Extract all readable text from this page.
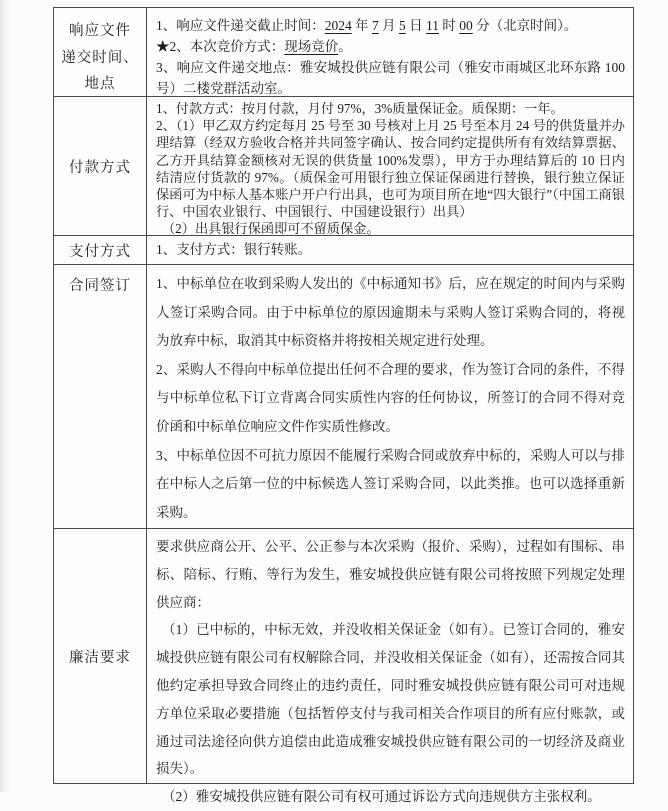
响应文件
递交时间、
地点

1、响应文件递交截止时间：2024 年 7 月 5 日 11 时 00 分（北京时间）。

★2、本次竞价方式：现场竞价。

3、响应文件递交地点：雅安城投供应链有限公司（雅安市雨城区北环东路 100号）二楼党群活动室。

付款方式

1、付款方式：按月付款，月付 97%，3%质量保证金。质保期：一年。

2、（1）甲乙双方约定每月 25 号至 30 号核对上月 25 号至本月 24 号的供货量并办理结算（经双方验收合格并共同签字确认、按合同约定提供所有有效结算票据、乙方开具结算金额核对无误的供货量 100%发票），甲方于办理结算后的 10 日内结清应付货款的 97%。（质保金可用银行独立保证保函进行替换，银行独立保证保函可为中标人基本账户开户行出具，也可为项目所在地“四大银行”（中国工商银行、中国农业银行、中国银行、中国建设银行）出具）

（2）出具银行保函即可不留质保金。

支付方式 1、支付方式：银行转账。

合同签订 1、中标单位在收到采购人发出的《中标通知书》后，应在规定的时间内与采购人签订采购合同。由于中标单位的原因逾期未与采购人签订采购合同的，将视为放弃中标，取消其中标资格并将按相关规定进行处理。

2、采购人不得向中标单位提出任何不合理的要求，作为签订合同的条件，不得与中标单位私下订立背离合同实质性内容的任何协议，所签订的合同不得对竞价函和中标单位响应文件作实质性修改。

3、中标单位因不可抗力原因不能履行采购合同或放弃中标的，采购人可以与排在中标人之后第一位的中标候选人签订采购合同，以此类推。也可以选择重新采购。

廉洁要求

要求供应商公开、公平、公正参与本次采购（报价、采购），过程如有围标、串标、陪标、行贿、等行为发生，雅安城投供应链有限公司将按照下列规定处理供应商：

（1）已中标的，中标无效，并没收相关保证金（如有）。已签订合同的，雅安城投供应链有限公司有权解除合同，并没收相关保证金（如有），还需按合同其他约定承担导致合同终止的违约责任，同时雅安城投供应链有限公司可对违规方单位采取必要措施（包括暂停支付与我司相关合作项目的所有应付账款，或通过司法途径向供方追偿由此造成雅安城投供应链有限公司的一切经济及商业损失）。

（2）雅安城投供应链有限公司有权可通过诉讼方式向违规供方主张权利。
